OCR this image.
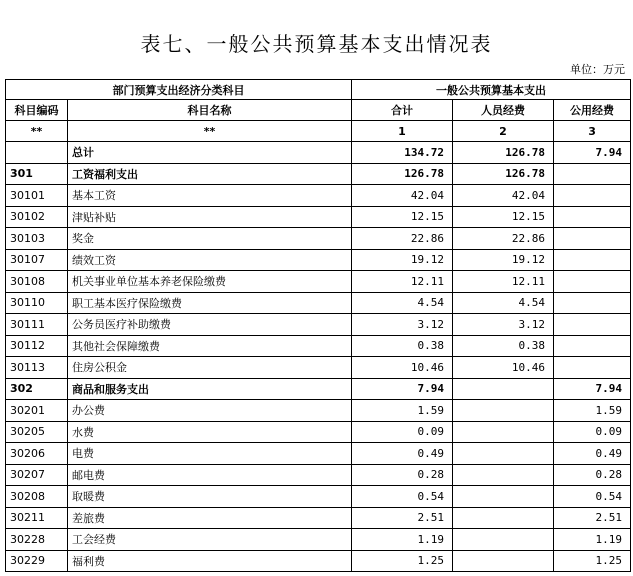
表七、一般公共预算基本支出情况表
单位：万元
部门预算支出经济分类科目		一般公共预算基本支出		
科目编码	科目名称	合计	人员经费	公用经费
**	**	1	2	3
	总计	134.72	126.78	7.94
301	工资福利支出	126.78	126.78	
30101	基本工资	42.04	42.04	
30102	津贴补贴	12.15	12.15	
30103	奖金	22.86	22.86	
30107	绩效工资	19.12	19.12	
30108	机关事业单位基本养老保险缴费	12.11	12.11	
30110	职工基本医疗保险缴费	4.54	4.54	
30111	公务员医疗补助缴费	3.12	3.12	
30112	其他社会保障缴费	0.38	0.38	
30113	住房公积金	10.46	10.46	
302	商品和服务支出	7.94		7.94
30201	办公费	1.59		1.59
30205	水费	0.09		0.09
30206	电费	0.49		0.49
30207	邮电费	0.28		0.28
30208	取暖费	0.54		0.54
30211	差旅费	2.51		2.51
30228	工会经费	1.19		1.19
30229	福利费	1.25		1.25
